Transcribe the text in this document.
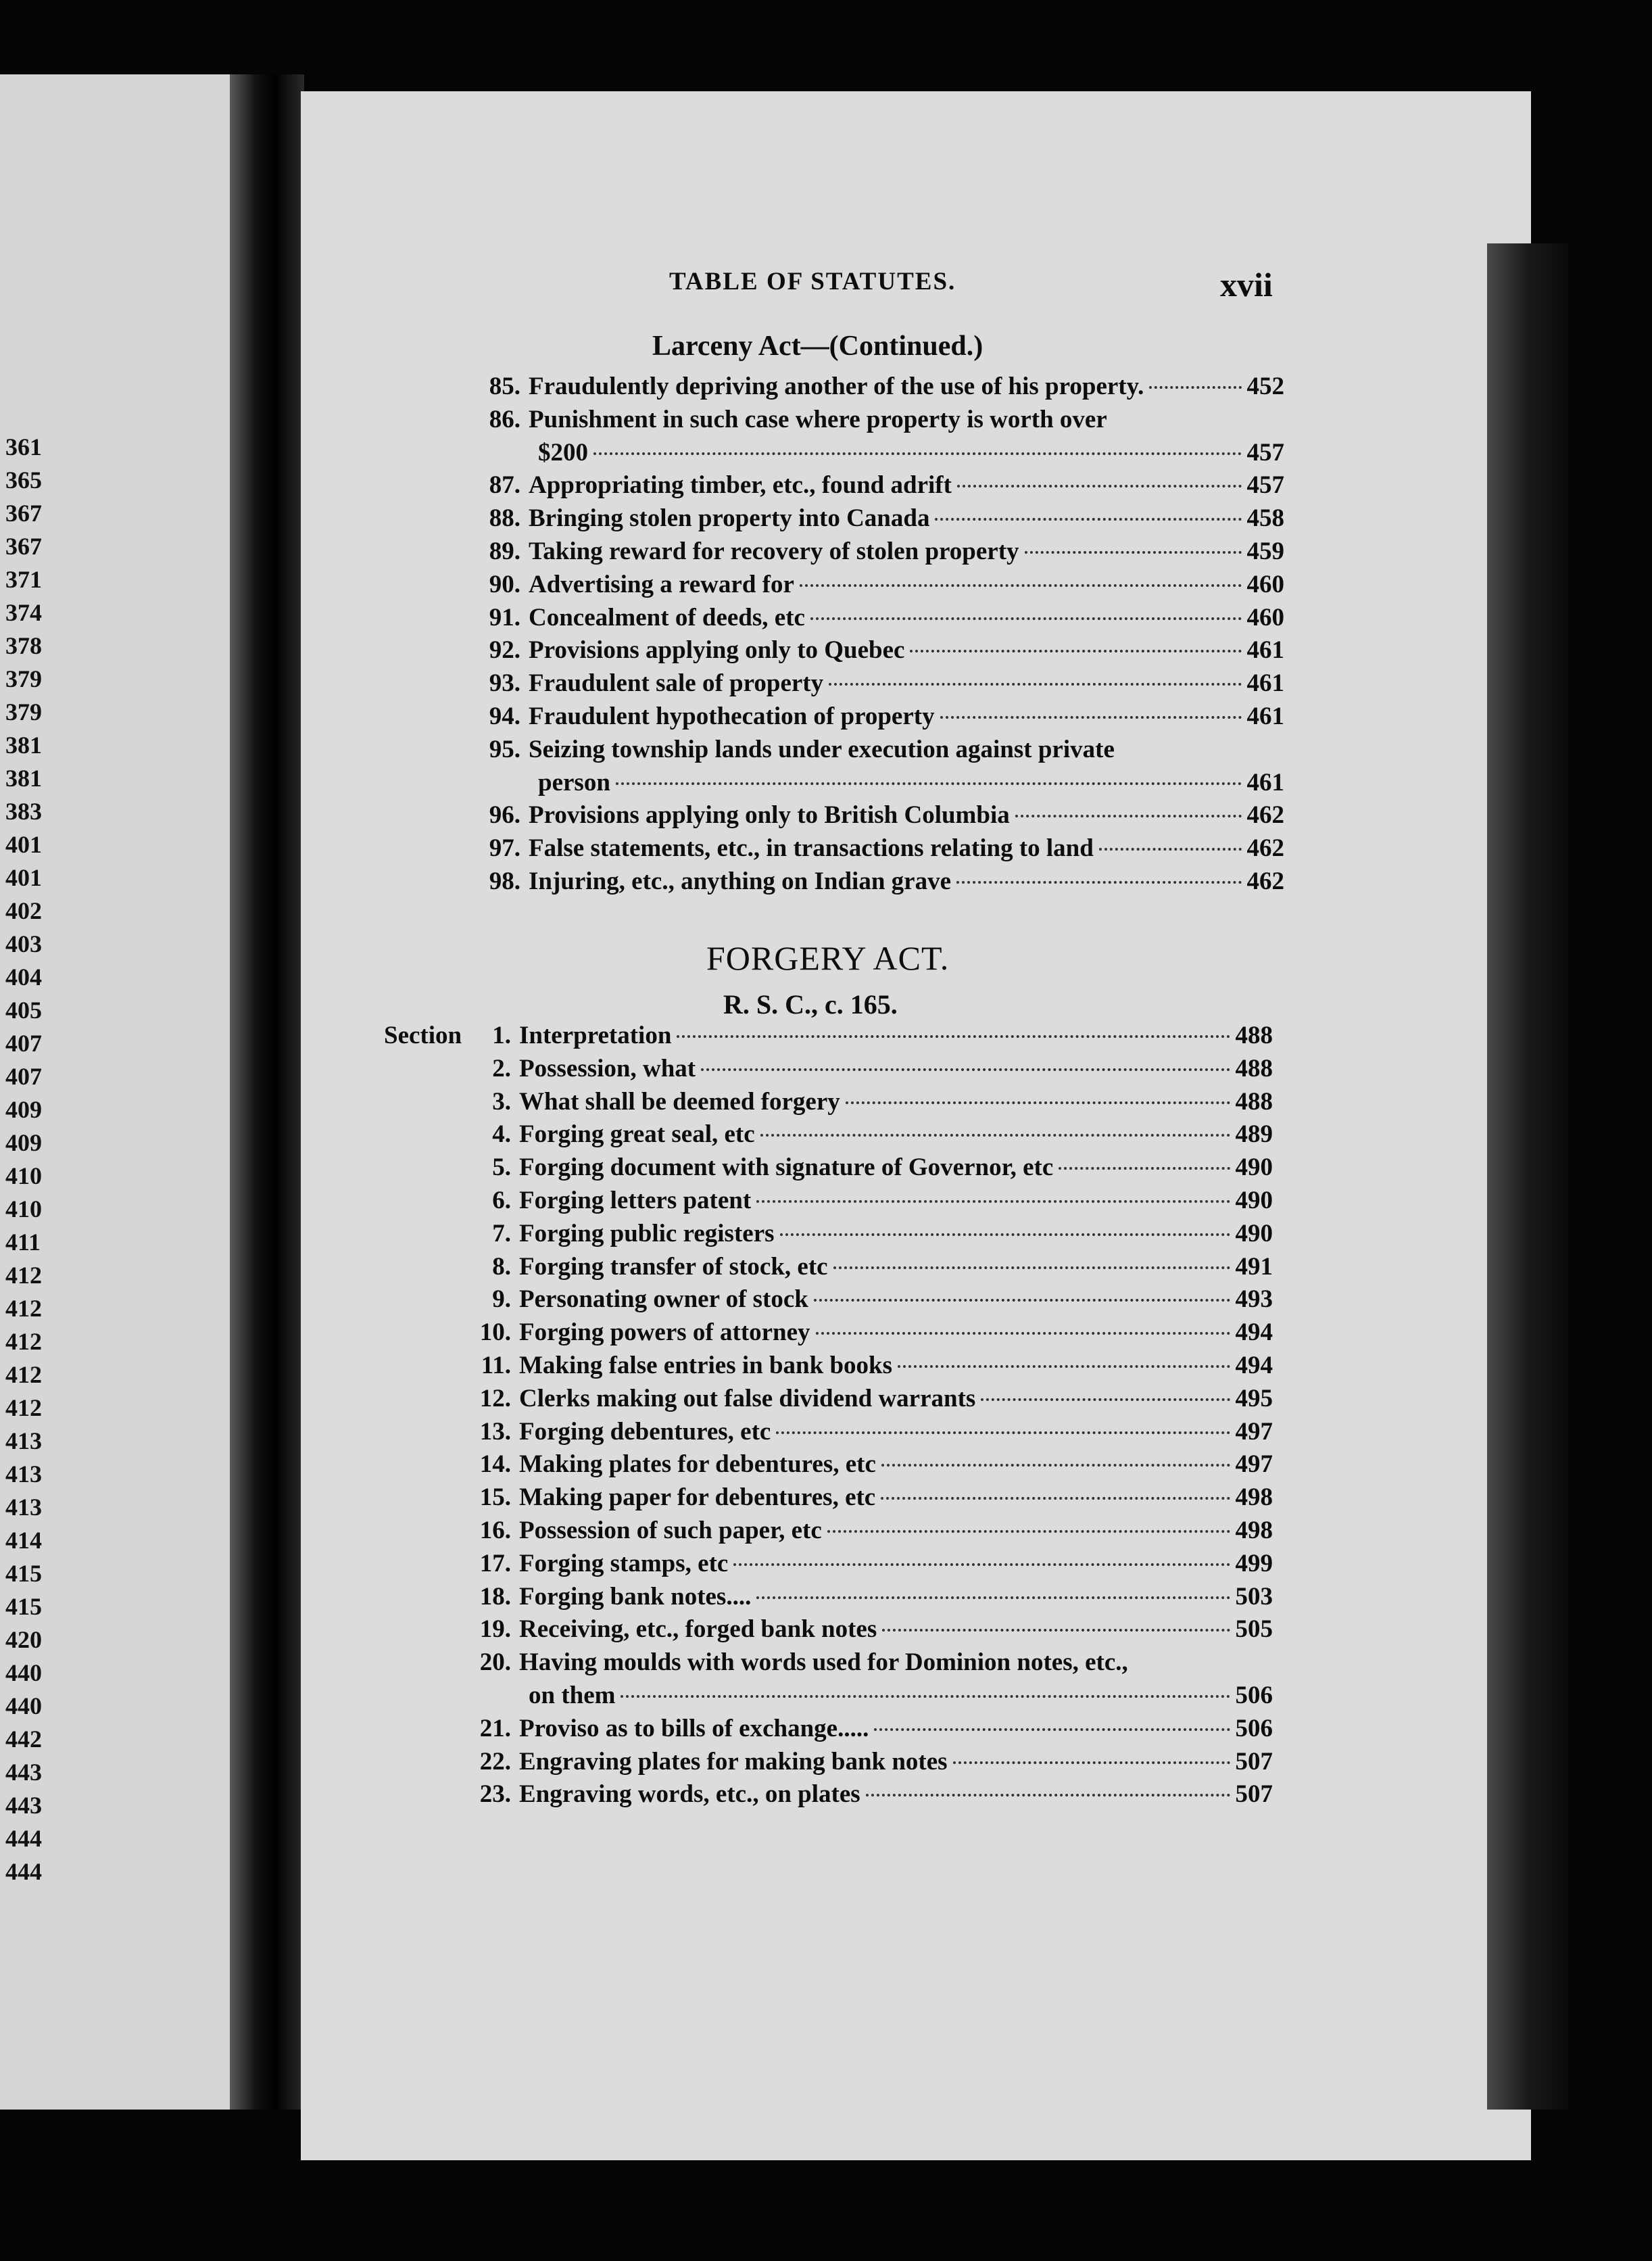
361
365
367
367
371
374
378
379
379
381
381
383
401
401
402
403
404
405
407
407
409
409
410
410
411
412
412
412
412
412
413
413
413
414
415
415
420
440
440
442
443
443
444
444

TABLE OF STATUTES.	xvii

Larceny Act—(Continued.)

85. Fraudulently depriving another of the use of his property.	452
86. Punishment in such case where property is worth over
$200	457
87. Appropriating timber, etc., found adrift	457
88. Bringing stolen property into Canada	458
89. Taking reward for recovery of stolen property	459
90. Advertising a reward for	460
91. Concealment of deeds, etc	460
92. Provisions applying only to Quebec	461
93. Fraudulent sale of property	461
94. Fraudulent hypothecation of property	461
95. Seizing township lands under execution against private
person	461
96. Provisions applying only to British Columbia	462
97. False statements, etc., in transactions relating to land	462
98. Injuring, etc., anything on Indian grave	462

FORGERY ACT.

R. S. C., c. 165.

Section 1. Interpretation	488
2. Possession, what	488
3. What shall be deemed forgery	488
4. Forging great seal, etc	489
5. Forging document with signature of Governor, etc	490
6. Forging letters patent	490
7. Forging public registers	490
8. Forging transfer of stock, etc	491
9. Personating owner of stock	493
10. Forging powers of attorney	494
11. Making false entries in bank books	494
12. Clerks making out false dividend warrants	495
13. Forging debentures, etc	497
14. Making plates for debentures, etc	497
15. Making paper for debentures, etc	498
16. Possession of such paper, etc	498
17. Forging stamps, etc	499
18. Forging bank notes....	503
19. Receiving, etc., forged bank notes	505
20. Having moulds with words used for Dominion notes, etc.,
on them	506
21. Proviso as to bills of exchange.....	506
22. Engraving plates for making bank notes	507
23. Engraving words, etc., on plates	507
